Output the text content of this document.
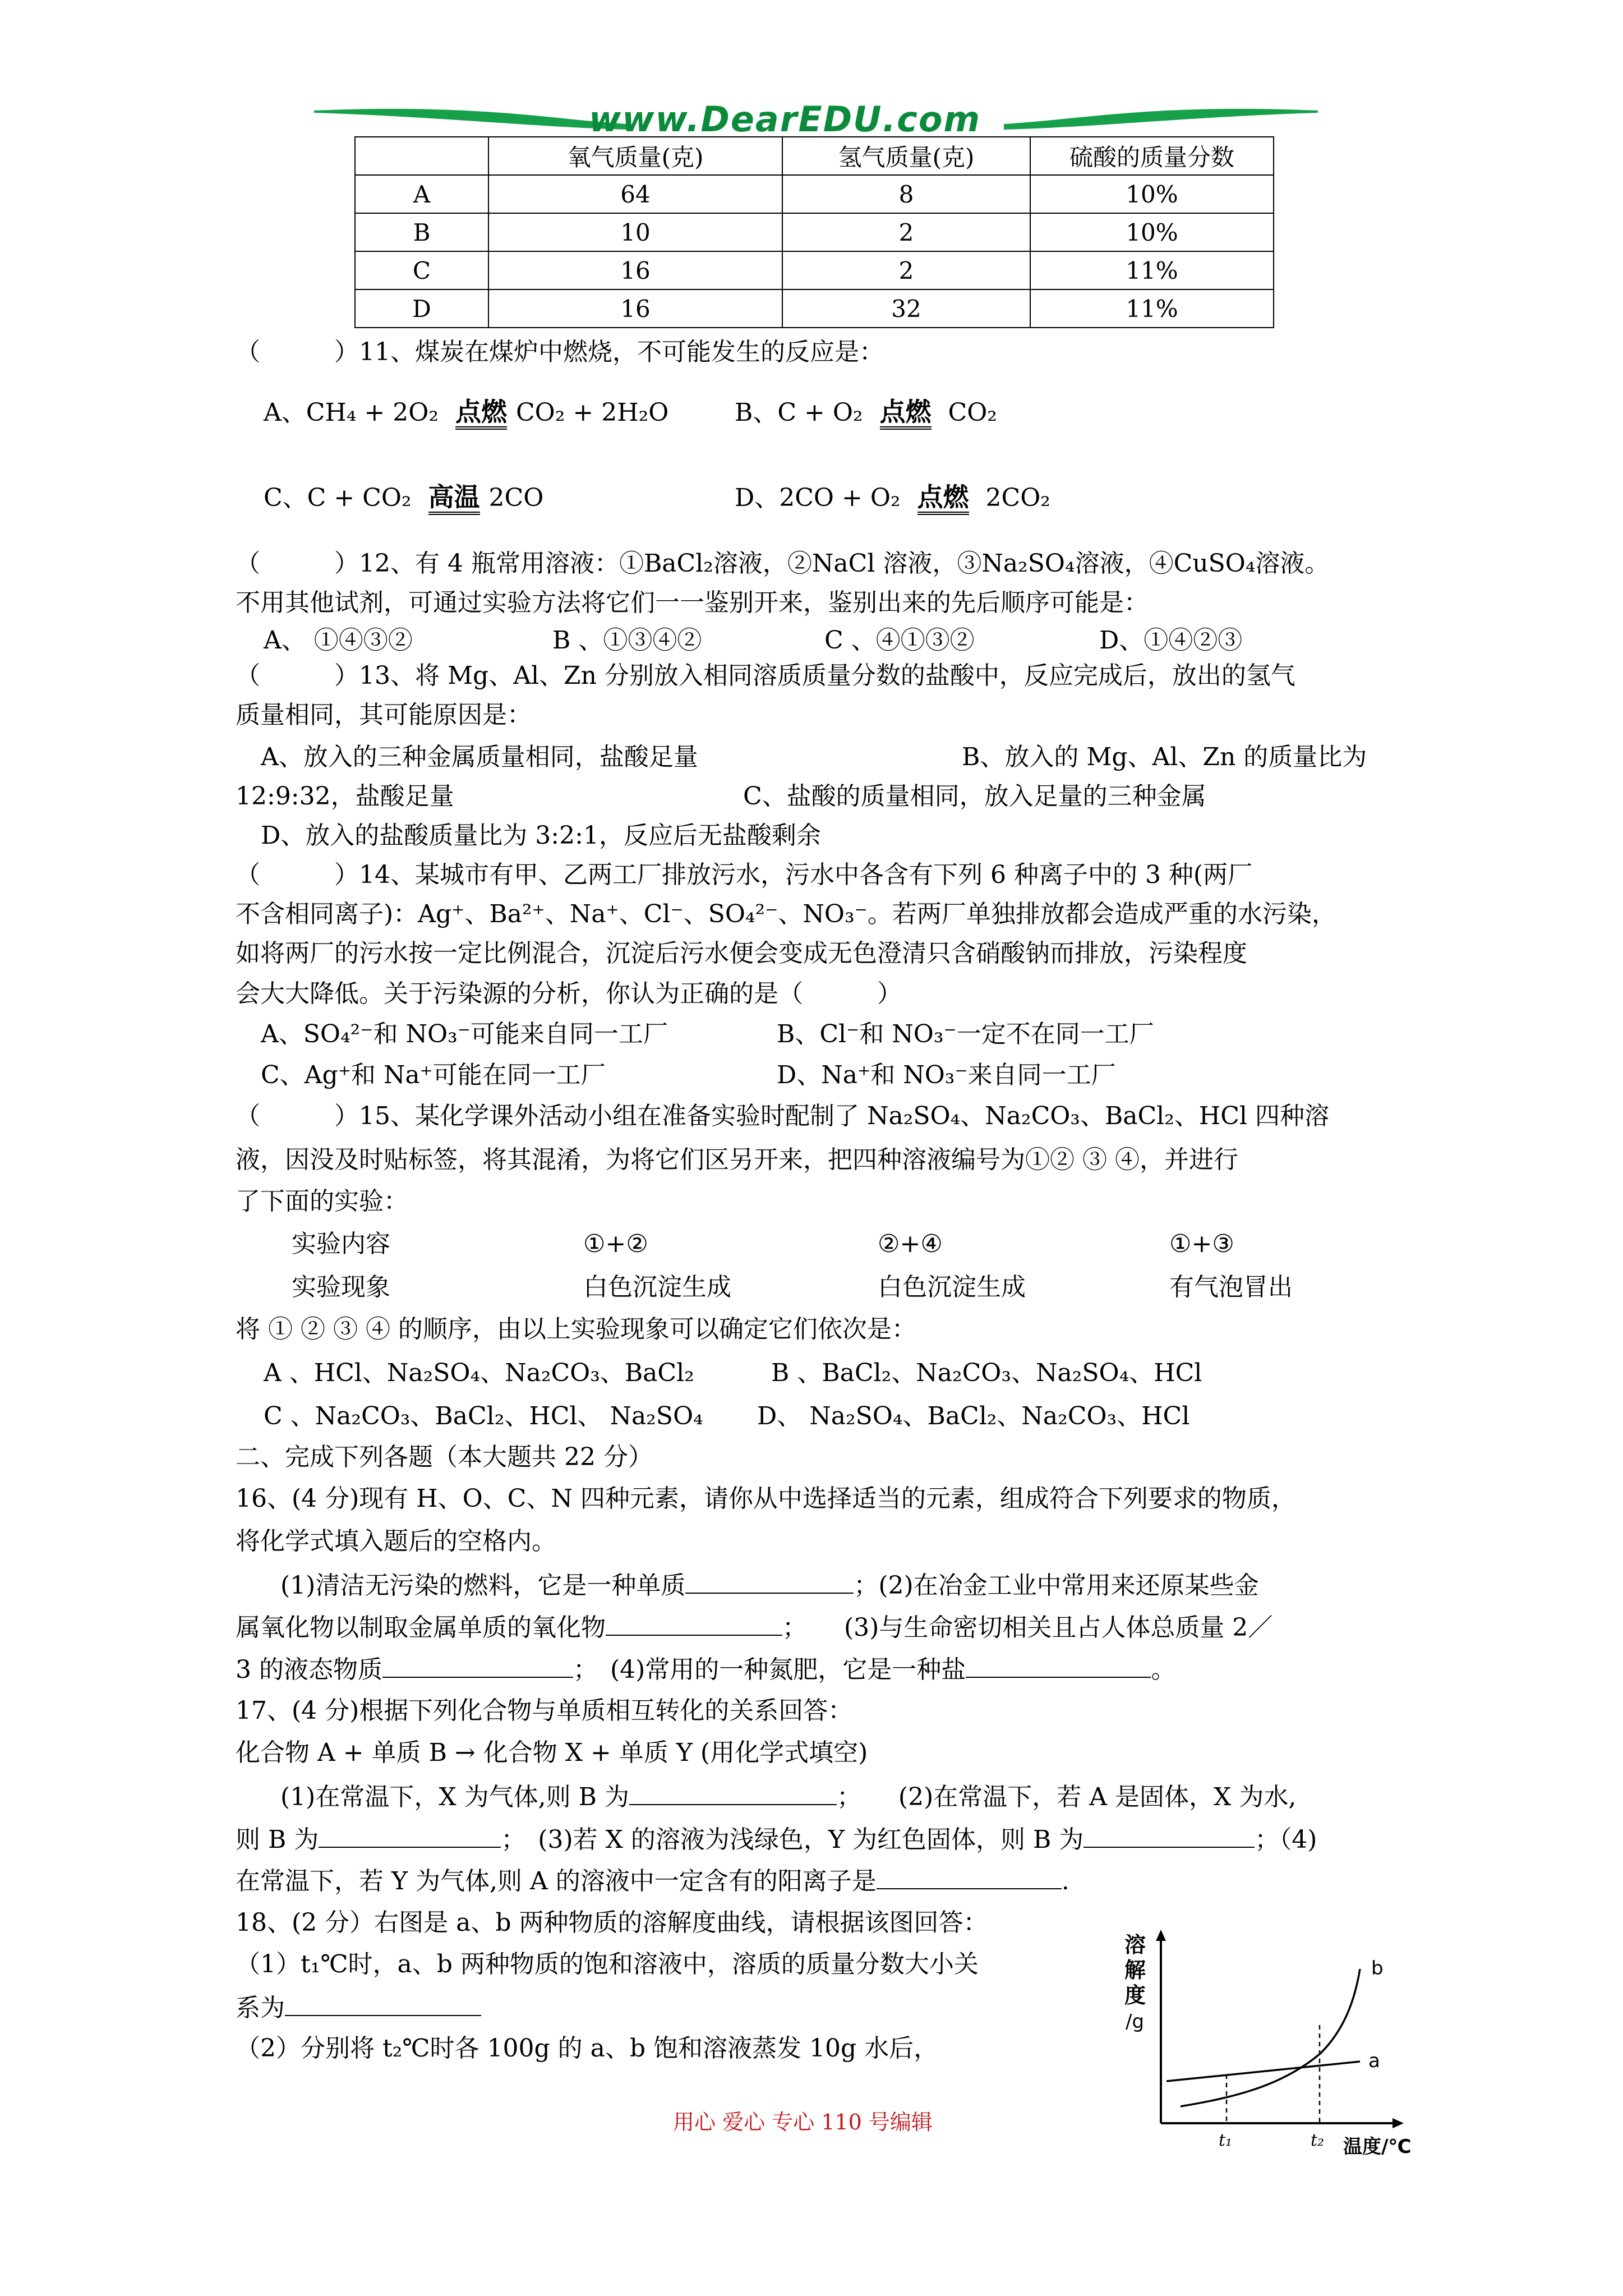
www.DearEDU.com
	氧气质量(克)	氢气质量(克)	硫酸的质量分数
A	64	8	10%
B	10	2	10%
C	16	2	11%
D	16	32	11%
（　　　）11、煤炭在煤炉中燃烧，不可能发生的反应是：
A、CH₄ + 2O₂ 点燃 CO₂ + 2H₂O	B、C + O₂ 点燃 CO₂
C、C + CO₂ 高温 2CO	D、2CO + O₂ 点燃 2CO₂
（　　　）12、有 4 瓶常用溶液：①BaCl₂溶液，②NaCl 溶液，③Na₂SO₄溶液，④CuSO₄溶液。
不用其他试剂，可通过实验方法将它们一一鉴别开来，鉴别出来的先后顺序可能是：
A、 ①④③②	B 、①③④②	C 、④①③②	D、①④②③
（　　　）13、将 Mg、Al、Zn 分别放入相同溶质质量分数的盐酸中，反应完成后，放出的氢气
质量相同，其可能原因是：
A、放入的三种金属质量相同，盐酸足量	B、放入的 Mg、Al、Zn 的质量比为
12:9:32，盐酸足量	C、盐酸的质量相同，放入足量的三种金属
D、放入的盐酸质量比为 3:2:1，反应后无盐酸剩余
（　　　）14、某城市有甲、乙两工厂排放污水，污水中各含有下列 6 种离子中的 3 种(两厂
不含相同离子)：Ag⁺、Ba²⁺、Na⁺、Cl⁻、SO₄²⁻、NO₃⁻。若两厂单独排放都会造成严重的水污染，
如将两厂的污水按一定比例混合，沉淀后污水便会变成无色澄清只含硝酸钠而排放，污染程度
会大大降低。关于污染源的分析，你认为正确的是（　　　）
A、SO₄²⁻和 NO₃⁻可能来自同一工厂	B、Cl⁻和 NO₃⁻一定不在同一工厂
C、Ag⁺和 Na⁺可能在同一工厂	D、Na⁺和 NO₃⁻来自同一工厂
（　　　）15、某化学课外活动小组在准备实验时配制了 Na₂SO₄、Na₂CO₃、BaCl₂、HCl 四种溶
液，因没及时贴标签，将其混淆，为将它们区另开来，把四种溶液编号为①② ③ ④，并进行
了下面的实验：
实验内容	①+②	②+④	①+③
实验现象	白色沉淀生成	白色沉淀生成	有气泡冒出
将 ① ② ③ ④ 的顺序，由以上实验现象可以确定它们依次是：
A 、HCl、Na₂SO₄、Na₂CO₃、BaCl₂	B 、BaCl₂、Na₂CO₃、Na₂SO₄、HCl
C 、Na₂CO₃、BaCl₂、HCl、 Na₂SO₄ D、 Na₂SO₄、BaCl₂、Na₂CO₃、HCl
二、完成下列各题（本大题共 22 分）
16、(4 分)现有 H、O、C、N 四种元素，请你从中选择适当的元素，组成符合下列要求的物质，
将化学式填入题后的空格内。
(1)清洁无污染的燃料，它是一种单质	；(2)在冶金工业中常用来还原某些金
属氧化物以制取金属单质的氧化物	；　　(3)与生命密切相关且占人体总质量 2／
3 的液态物质	；　(4)常用的一种氮肥，它是一种盐	。
17、(4 分)根据下列化合物与单质相互转化的关系回答：
化合物 A + 单质 B → 化合物 X + 单质 Y (用化学式填空)
(1)在常温下，X 为气体,则 B 为	；　　(2)在常温下，若 A 是固体，X 为水,
则 B 为	；　(3)若 X 的溶液为浅绿色，Y 为红色固体，则 B 为	；（4)
在常温下，若 Y 为气体,则 A 的溶液中一定含有的阳离子是	.
18、(2 分）右图是 a、b 两种物质的溶解度曲线，请根据该图回答：
（1）t₁℃时，a、b 两种物质的饱和溶液中，溶质的质量分数大小关
系为
（2）分别将 t₂℃时各 100g 的 a、b 饱和溶液蒸发 10g 水后，
溶
解
度
/g
b
a
t₁	t₂ 温度/℃
用心 爱心 专心 110 号编辑
